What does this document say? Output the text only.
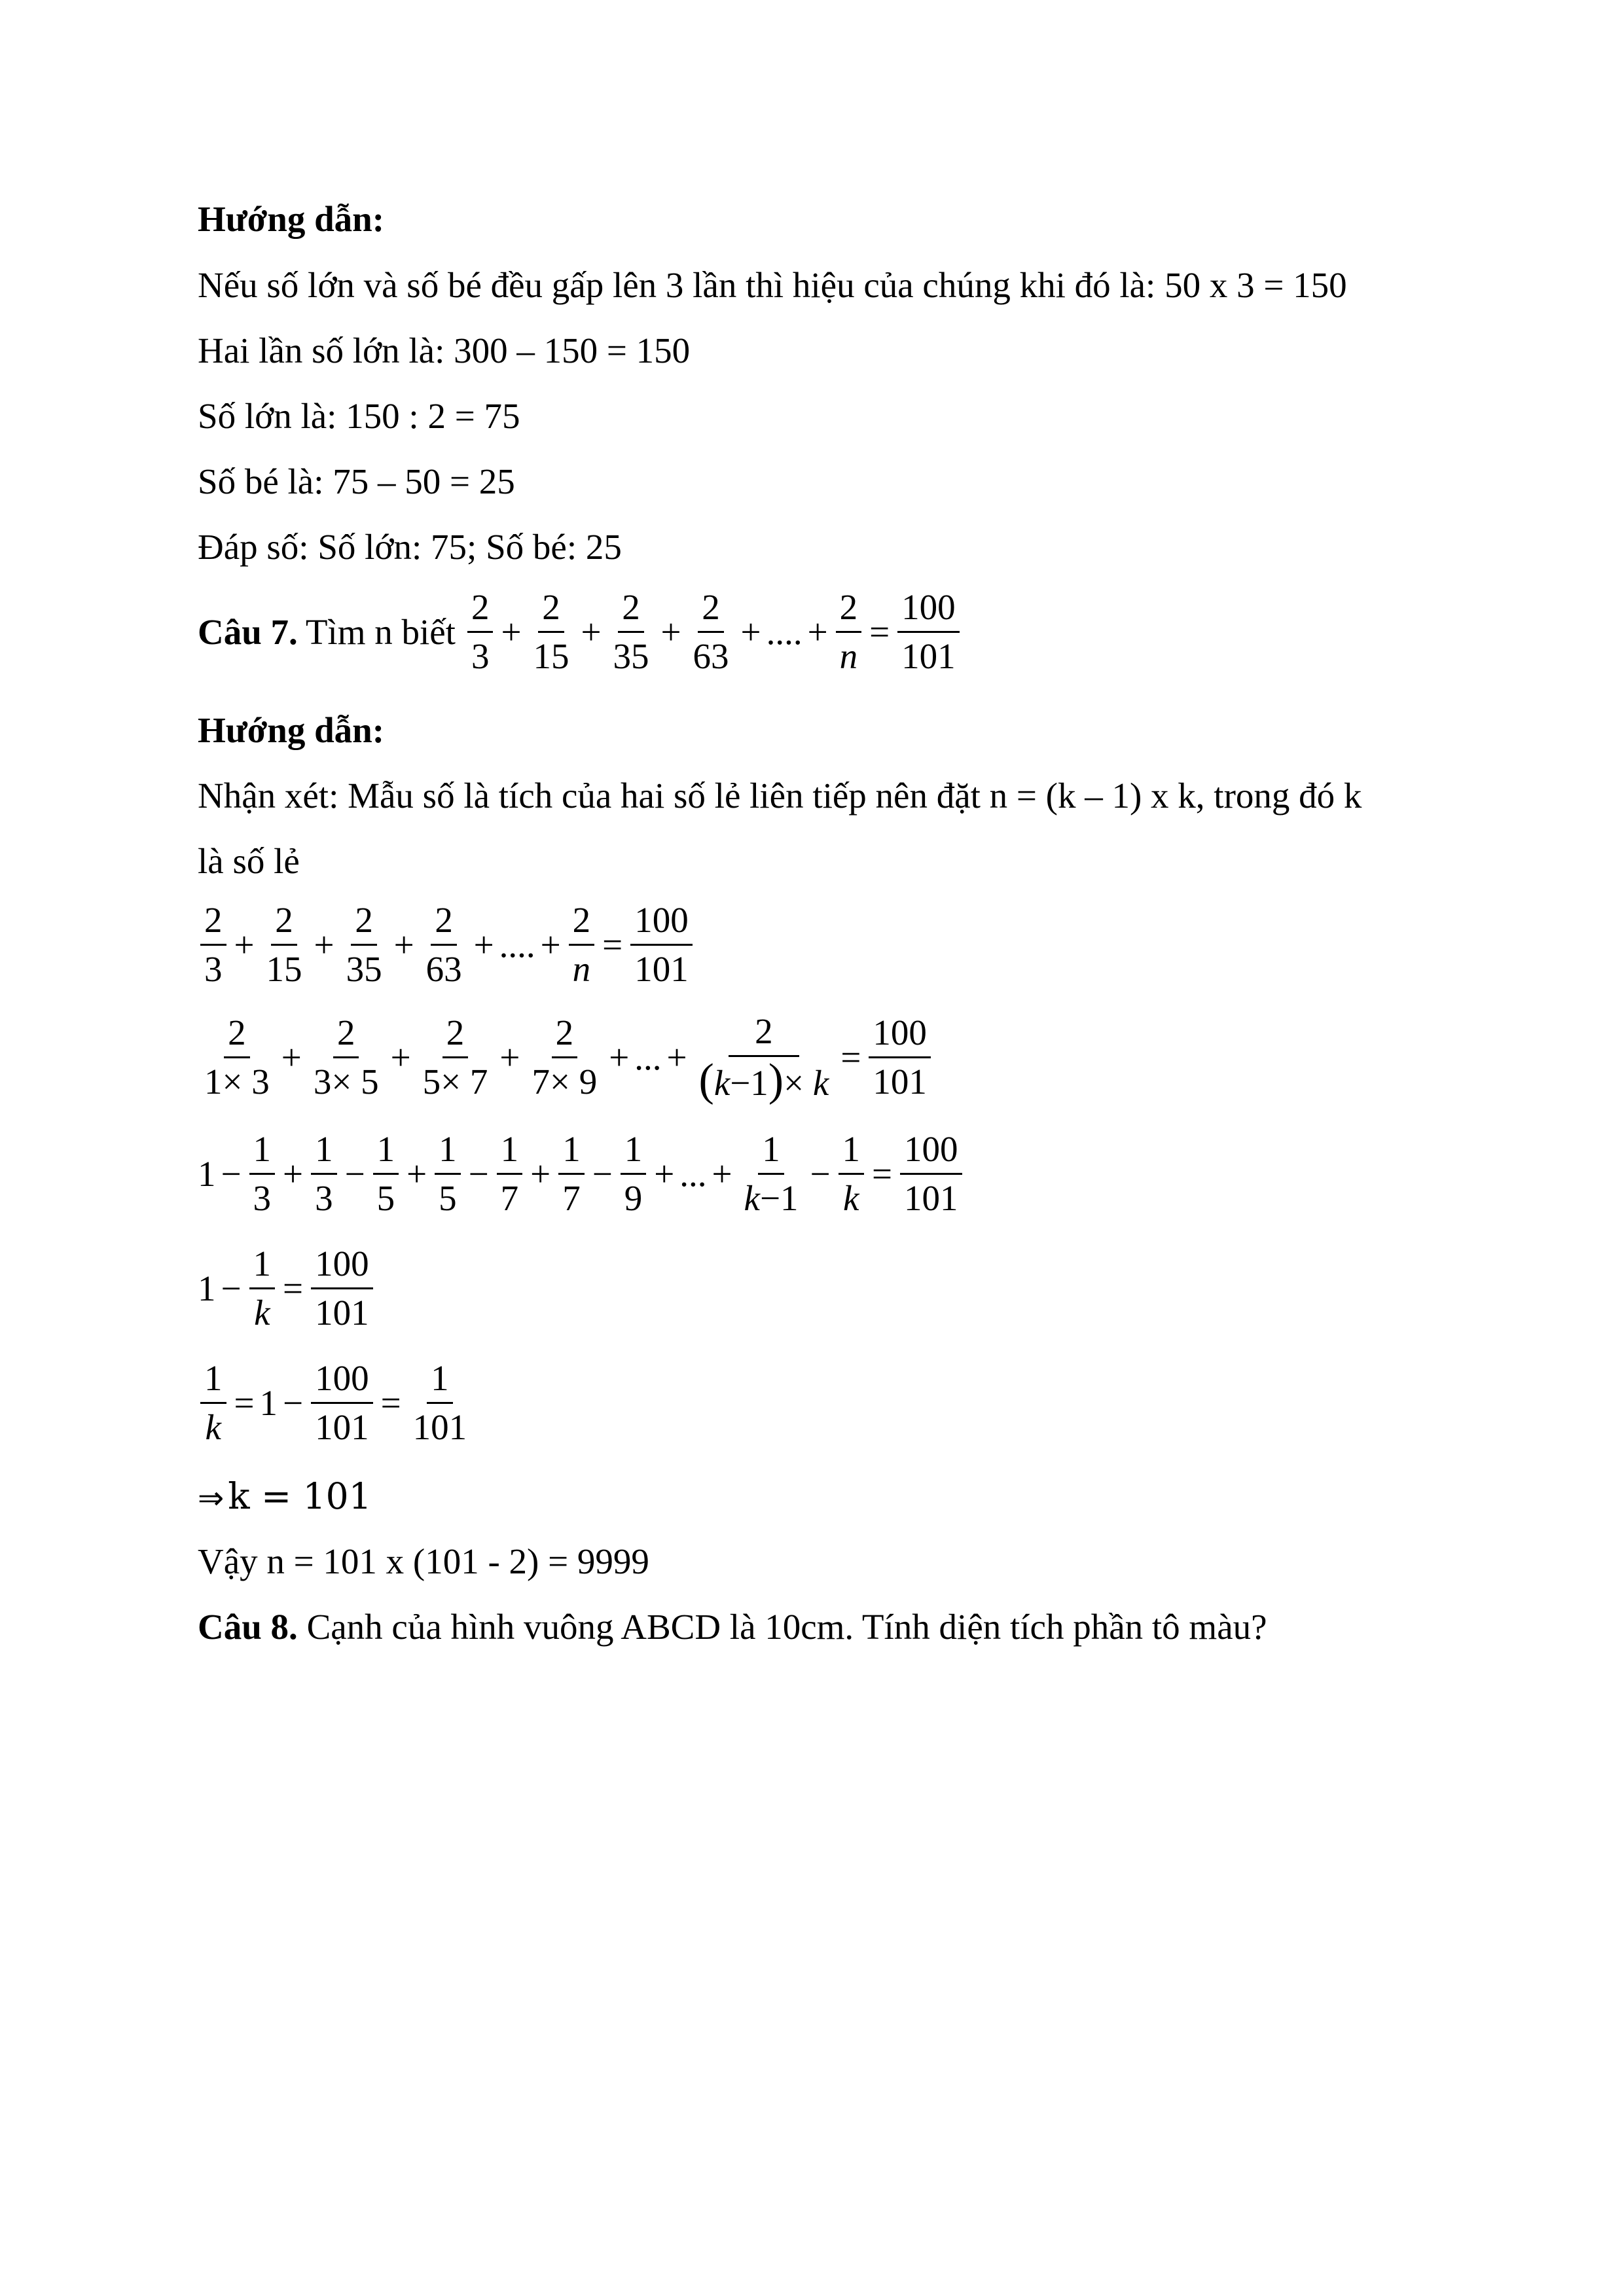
Hướng dẫn:
Nếu số lớn và số bé đều gấp lên 3 lần thì hiệu của chúng khi đó là: 50 x 3 = 150
Hai lần số lớn là: 300 – 150 = 150
Số lớn là: 150 : 2 = 75
Số bé là: 75 – 50 = 25
Đáp số: Số lớn: 75; Số bé: 25
Câu 7. Tìm n biết $\frac{2}{3} + \frac{2}{15} + \frac{2}{35} + \frac{2}{63}$ + .... + $\frac{2}{n} = \frac{100}{101}$
Hướng dẫn:
Nhận xét: Mẫu số là tích của hai số lẻ liên tiếp nên đặt n = (k – 1) x k, trong đó k
là số lẻ
$\frac{2}{3} + \frac{2}{15} + \frac{2}{35} + \frac{2}{63}$ + .... + $\frac{2}{n} = \frac{100}{101}$
$\frac{2}{1\times 3} + \frac{2}{3\times 5} + \frac{2}{5\times 7} + \frac{2}{7\times 9}$ + ... + $\frac{2}{(k-1)\times k} = \frac{100}{101}$
$1 - \frac{1}{3} + \frac{1}{3} - \frac{1}{5} + \frac{1}{5} - \frac{1}{7} + \frac{1}{7} - \frac{1}{9}$ + ... + $\frac{1}{k-1} - \frac{1}{k} = \frac{100}{101}$
$1 - \frac{1}{k} = \frac{100}{101}$
$\frac{1}{k} = 1 - \frac{100}{101} = \frac{1}{101}$
⇒ k = 101
Vậy n = 101 x (101 - 2) = 9999
Câu 8. Cạnh của hình vuông ABCD là 10cm. Tính diện tích phần tô màu?
